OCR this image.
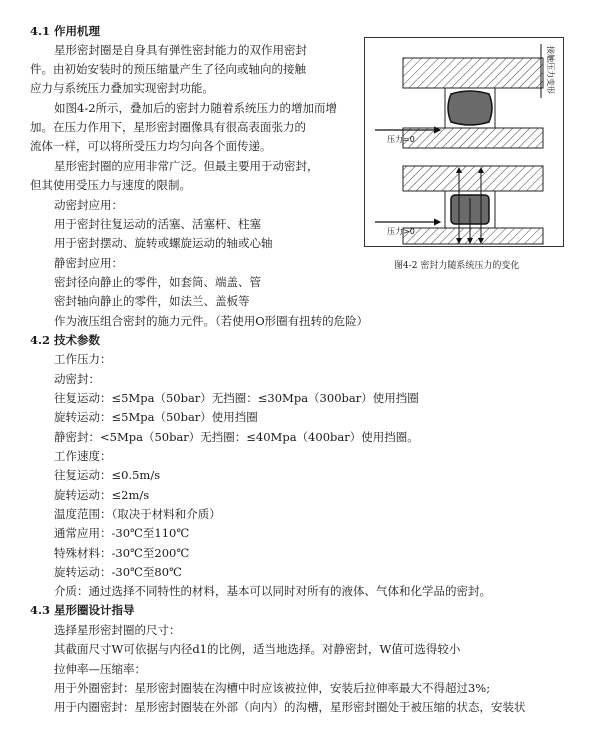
4.1 作用机理
星形密封圈是自身具有弹性密封能力的双作用密封
件。由初始安装时的预压缩量产生了径向或轴向的接触
应力与系统压力叠加实现密封功能。
如图4-2所示，叠加后的密封力随着系统压力的增加而增
加。在压力作用下，星形密封圈像具有很高表面张力的
流体一样，可以将所受压力均匀向各个面传递。
星形密封圈的应用非常广泛。但最主要用于动密封，
但其使用受压力与速度的限制。
动密封应用：
用于密封往复运动的活塞、活塞杆、柱塞
用于密封摆动、旋转或螺旋运动的轴或心轴
静密封应用：
密封径向静止的零件，如套筒、端盖、管
密封轴向静止的零件，如法兰、盖板等
作为液压组合密封的施力元件。（若使用O形圈有扭转的危险）
4.2 技术参数
工作压力：
动密封：
往复运动：≤5Mpa（50bar）无挡圈：≤30Mpa（300bar）使用挡圈
旋转运动：≤5Mpa（50bar）使用挡圈
静密封：<5Mpa（50bar）无挡圈：≤40Mpa（400bar）使用挡圈。
工作速度：
往复运动：≤0.5m/s
旋转运动：≤2m/s
温度范围：（取决于材料和介质）
通常应用：-30℃至110℃
特殊材料：-30℃至200℃
旋转运动：-30℃至80℃
介质：通过选择不同特性的材料，基本可以同时对所有的液体、气体和化学品的密封。
4.3 星形圈设计指导
选择星形密封圈的尺寸：
其截面尺寸W可依据与内径d1的比例，适当地选择。对静密封，W值可选得较小
拉伸率—压缩率：
用于外圈密封：星形密封圈装在沟槽中时应该被拉伸，安装后拉伸率最大不得超过3%;
用于内圈密封：星形密封圈装在外部（向内）的沟槽，星形密封圈处于被压缩的状态，安装状
压力=0
接触压力变形
压力>0
图4-2 密封力随系统压力的变化
